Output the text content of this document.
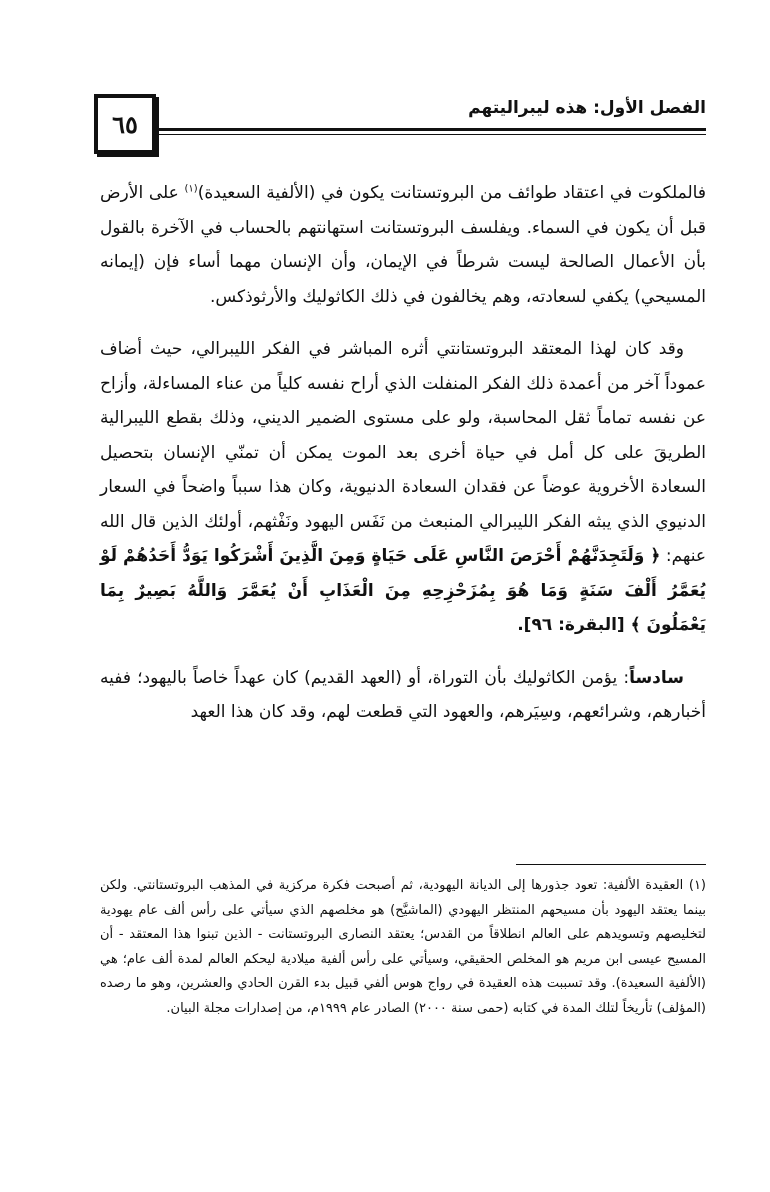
٦٥
الفصل الأول: هذه ليبراليتهم

فالملكوت في اعتقاد طوائف من البروتستانت يكون في (الألفية السعيدة)$^{(١)}$ على الأرض قبل أن يكون في السماء. ويفلسف البروتستانت استهانتهم بالحساب في الآخرة بالقول بأن الأعمال الصالحة ليست شرطاً في الإيمان، وأن الإنسان مهما أساء فإن (إيمانه المسيحي) يكفي لسعادته، وهم يخالفون في ذلك الكاثوليك والأرثوذكس.

وقد كان لهذا المعتقد البروتستانتي أثره المباشر في الفكر الليبرالي، حيث أضاف عموداً آخر من أعمدة ذلك الفكر المنفلت الذي أراح نفسه كلياً من عناء المساءلة، وأزاح عن نفسه تماماً ثقل المحاسبة، ولو على مستوى الضمير الديني، وذلك بقطع الليبرالية الطريقَ على كل أمل في حياة أخرى بعد الموت يمكن أن تمنّي الإنسان بتحصيل السعادة الأخروية عوضاً عن فقدان السعادة الدنيوية، وكان هذا سبباً واضحاً في السعار الدنيوي الذي يبثه الفكر الليبرالي المنبعث من نَفَس اليهود ونَفْثهم، أولئك الذين قال الله عنهم: ﴿ وَلَتَجِدَنَّهُمْ أَحْرَصَ النَّاسِ عَلَى حَيَاةٍ وَمِنَ الَّذِينَ أَشْرَكُوا يَوَدُّ أَحَدُهُمْ لَوْ يُعَمَّرُ أَلْفَ سَنَةٍ وَمَا هُوَ بِمُزَحْزِحِهِ مِنَ الْعَذَابِ أَنْ يُعَمَّرَ وَاللَّهُ بَصِيرٌ بِمَا يَعْمَلُونَ ﴾ [البقرة: ٩٦].

سادساً: يؤمن الكاثوليك بأن التوراة، أو (العهد القديم) كان عهداً خاصاً باليهود؛ ففيه أخبارهم، وشرائعهم، وسِيَرهم، والعهود التي قطعت لهم، وقد كان هذا العهد

(١) العقيدة الألفية: تعود جذورها إلى الديانة اليهودية، ثم أصبحت فكرة مركزية في المذهب البروتستانتي. ولكن بينما يعتقد اليهود بأن مسيحهم المنتظر اليهودي (الماشيَّح) هو مخلصهم الذي سيأتي على رأس ألف عام يهودية لتخليصهم وتسويدهم على العالم انطلاقاً من القدس؛ يعتقد النصارى البروتستانت - الذين تبنوا هذا المعتقد - أن المسيح عيسى ابن مريم هو المخلص الحقيقي، وسيأتي على رأس ألفية ميلادية ليحكم العالم لمدة ألف عام؛ هي (الألفية السعيدة). وقد تسببت هذه العقيدة في رواج هوس ألفي قبيل بدء القرن الحادي والعشرين، وهو ما رصده (المؤلف) تأريخاً لتلك المدة في كتابه (حمى سنة ٢٠٠٠) الصادر عام ١٩٩٩م، من إصدارات مجلة البيان.
